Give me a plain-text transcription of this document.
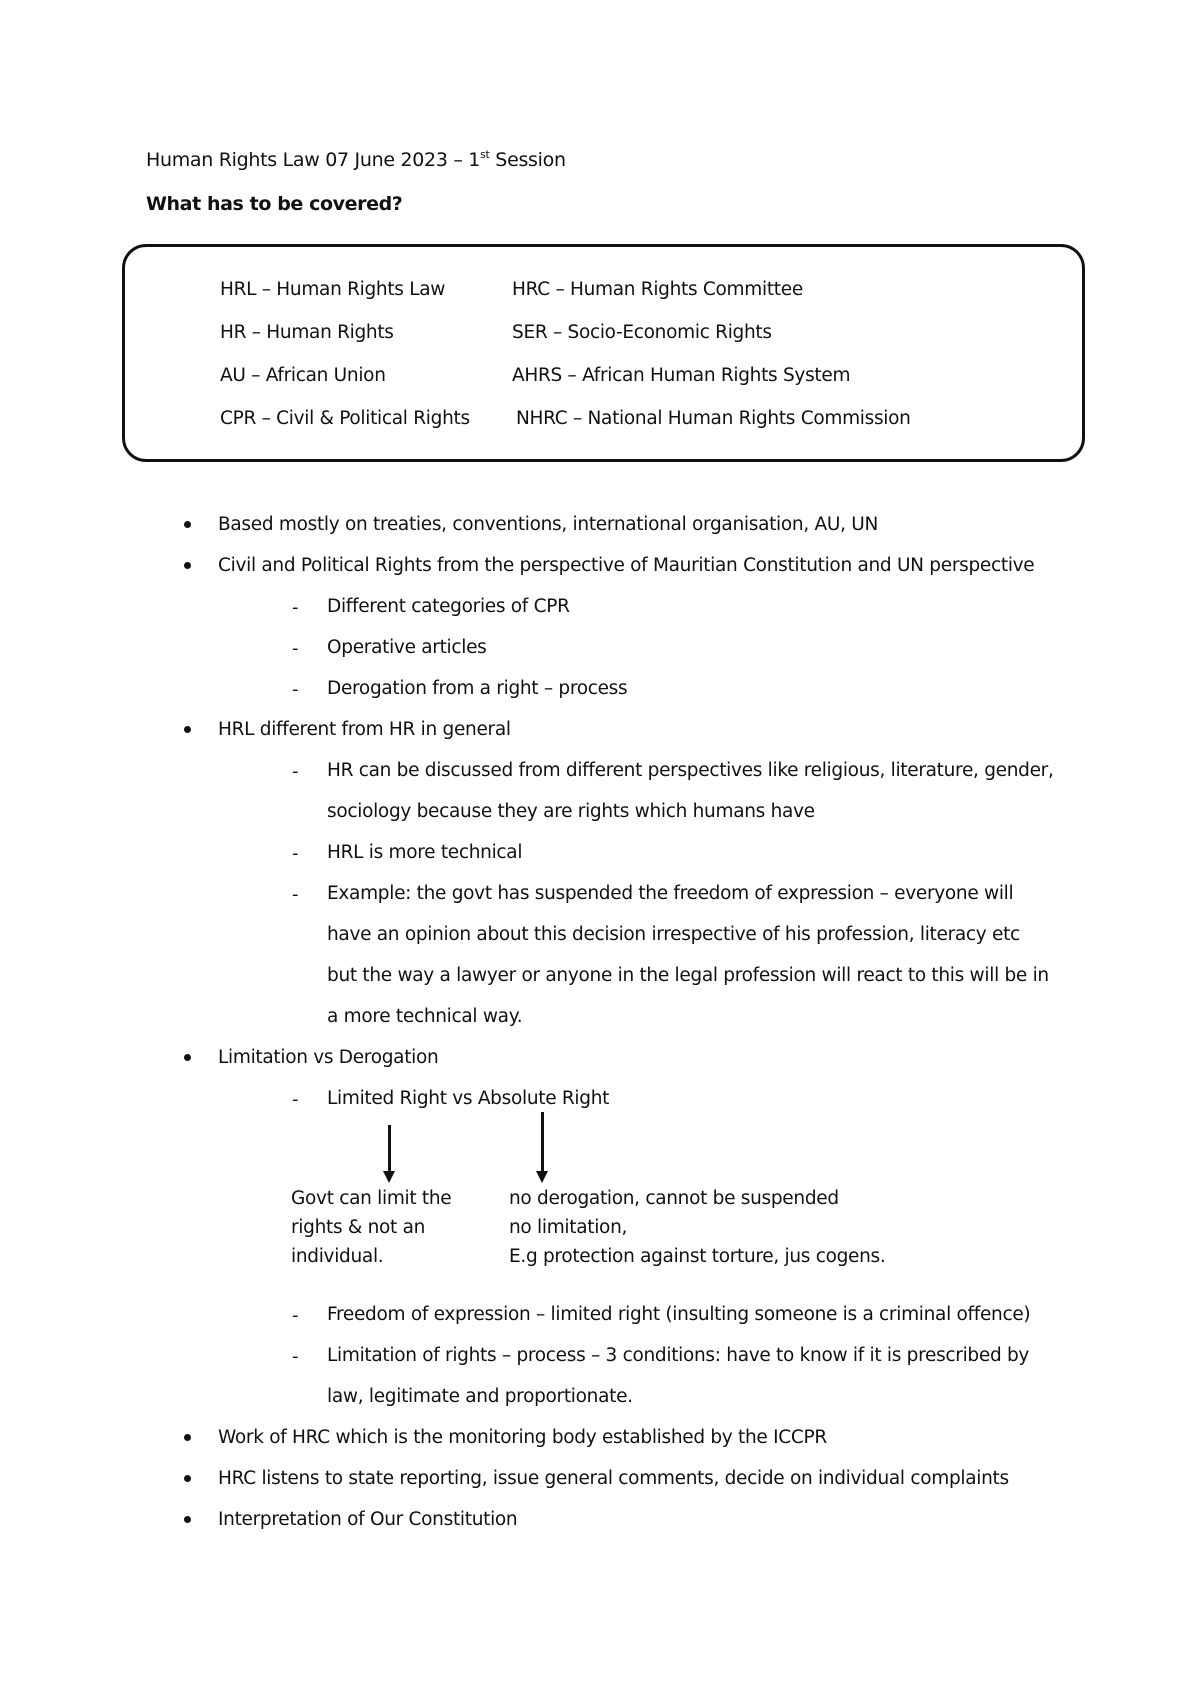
Human Rights Law 07 June 2023 – 1st Session
What has to be covered?
HRL – Human Rights Law
HR – Human Rights
AU – African Union
CPR – Civil & Political Rights
HRC – Human Rights Committee
SER – Socio-Economic Rights
AHRS – African Human Rights System
NHRC – National Human Rights Commission
Based mostly on treaties, conventions, international organisation, AU, UN
Civil and Political Rights from the perspective of Mauritian Constitution and UN perspective
- Different categories of CPR
- Operative articles
- Derogation from a right – process
HRL different from HR in general
- HR can be discussed from different perspectives like religious, literature, gender,
sociology because they are rights which humans have
- HRL is more technical
- Example: the govt has suspended the freedom of expression – everyone will
have an opinion about this decision irrespective of his profession, literacy etc
but the way a lawyer or anyone in the legal profession will react to this will be in
a more technical way.
Limitation vs Derogation
- Limited Right vs Absolute Right
Govt can limit the
rights & not an
individual.
no derogation, cannot be suspended
no limitation,
E.g protection against torture, jus cogens.
- Freedom of expression – limited right (insulting someone is a criminal offence)
- Limitation of rights – process – 3 conditions: have to know if it is prescribed by
law, legitimate and proportionate.
Work of HRC which is the monitoring body established by the ICCPR
HRC listens to state reporting, issue general comments, decide on individual complaints
Interpretation of Our Constitution
